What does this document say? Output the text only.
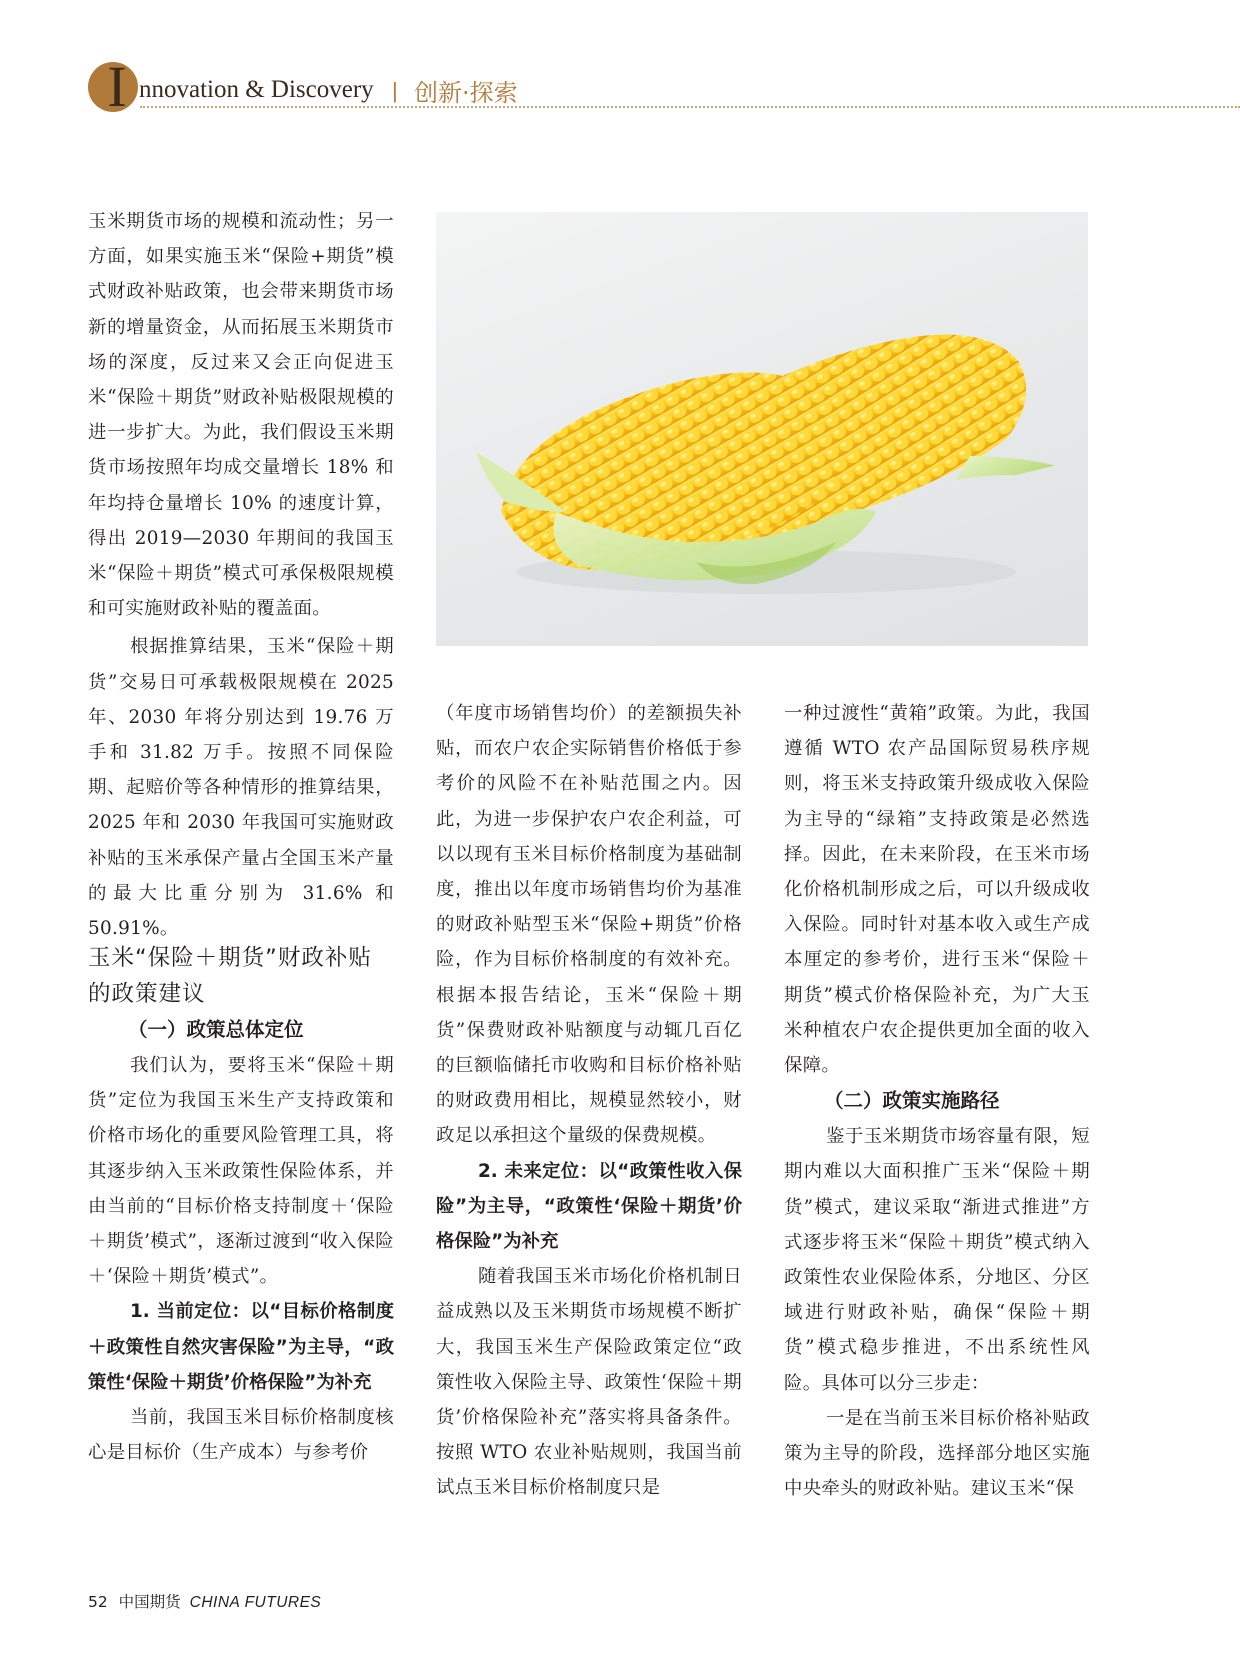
I nnovation & Discovery | 创新·探索

玉米期货市场的规模和流动性；另一方面，如果实施玉米“保险+期货”模式财政补贴政策，也会带来期货市场新的增量资金，从而拓展玉米期货市场的深度，反过来又会正向促进玉米“保险＋期货”财政补贴极限规模的进一步扩大。为此，我们假设玉米期货市场按照年均成交量增长 18% 和年均持仓量增长 10% 的速度计算，得出 2019—2030 年期间的我国玉米“保险＋期货”模式可承保极限规模和可实施财政补贴的覆盖面。

根据推算结果，玉米“保险＋期货”交易日可承载极限规模在 2025 年、2030 年将分别达到 19.76 万手和 31.82 万手。按照不同保险期、起赔价等各种情形的推算结果，2025 年和 2030 年我国可实施财政补贴的玉米承保产量占全国玉米产量的最大比重分别为 31.6% 和 50.91%。

玉米“保险＋期货”财政补贴的政策建议

（一）政策总体定位

我们认为，要将玉米“保险＋期货”定位为我国玉米生产支持政策和价格市场化的重要风险管理工具，将其逐步纳入玉米政策性保险体系，并由当前的“目标价格支持制度＋‘保险＋期货’模式”，逐渐过渡到“收入保险＋‘保险＋期货’模式”。

1. 当前定位：以“目标价格制度＋政策性自然灾害保险”为主导，“政策性‘保险＋期货’价格保险”为补充

当前，我国玉米目标价格制度核心是目标价（生产成本）与参考价

（年度市场销售均价）的差额损失补贴，而农户农企实际销售价格低于参考价的风险不在补贴范围之内。因此，为进一步保护农户农企利益，可以以现有玉米目标价格制度为基础制度，推出以年度市场销售均价为基准的财政补贴型玉米“保险+期货”价格险，作为目标价格制度的有效补充。根据本报告结论，玉米“保险＋期货”保费财政补贴额度与动辄几百亿的巨额临储托市收购和目标价格补贴的财政费用相比，规模显然较小，财政足以承担这个量级的保费规模。

2. 未来定位：以“政策性收入保险”为主导，“政策性‘保险＋期货’价格保险”为补充

随着我国玉米市场化价格机制日益成熟以及玉米期货市场规模不断扩大，我国玉米生产保险政策定位“政策性收入保险主导、政策性‘保险＋期货’价格保险补充”落实将具备条件。按照 WTO 农业补贴规则，我国当前试点玉米目标价格制度只是

一种过渡性“黄箱”政策。为此，我国遵循 WTO 农产品国际贸易秩序规则，将玉米支持政策升级成收入保险为主导的“绿箱”支持政策是必然选择。因此，在未来阶段，在玉米市场化价格机制形成之后，可以升级成收入保险。同时针对基本收入或生产成本厘定的参考价，进行玉米“保险＋期货”模式价格保险补充，为广大玉米种植农户农企提供更加全面的收入保障。

（二）政策实施路径

鉴于玉米期货市场容量有限，短期内难以大面积推广玉米“保险＋期货”模式，建议采取“渐进式推进”方式逐步将玉米“保险＋期货”模式纳入政策性农业保险体系，分地区、分区域进行财政补贴，确保“保险＋期货”模式稳步推进，不出系统性风险。具体可以分三步走：

一是在当前玉米目标价格补贴政策为主导的阶段，选择部分地区实施中央牵头的财政补贴。建议玉米“保

52 中国期货 CHINA FUTURES
